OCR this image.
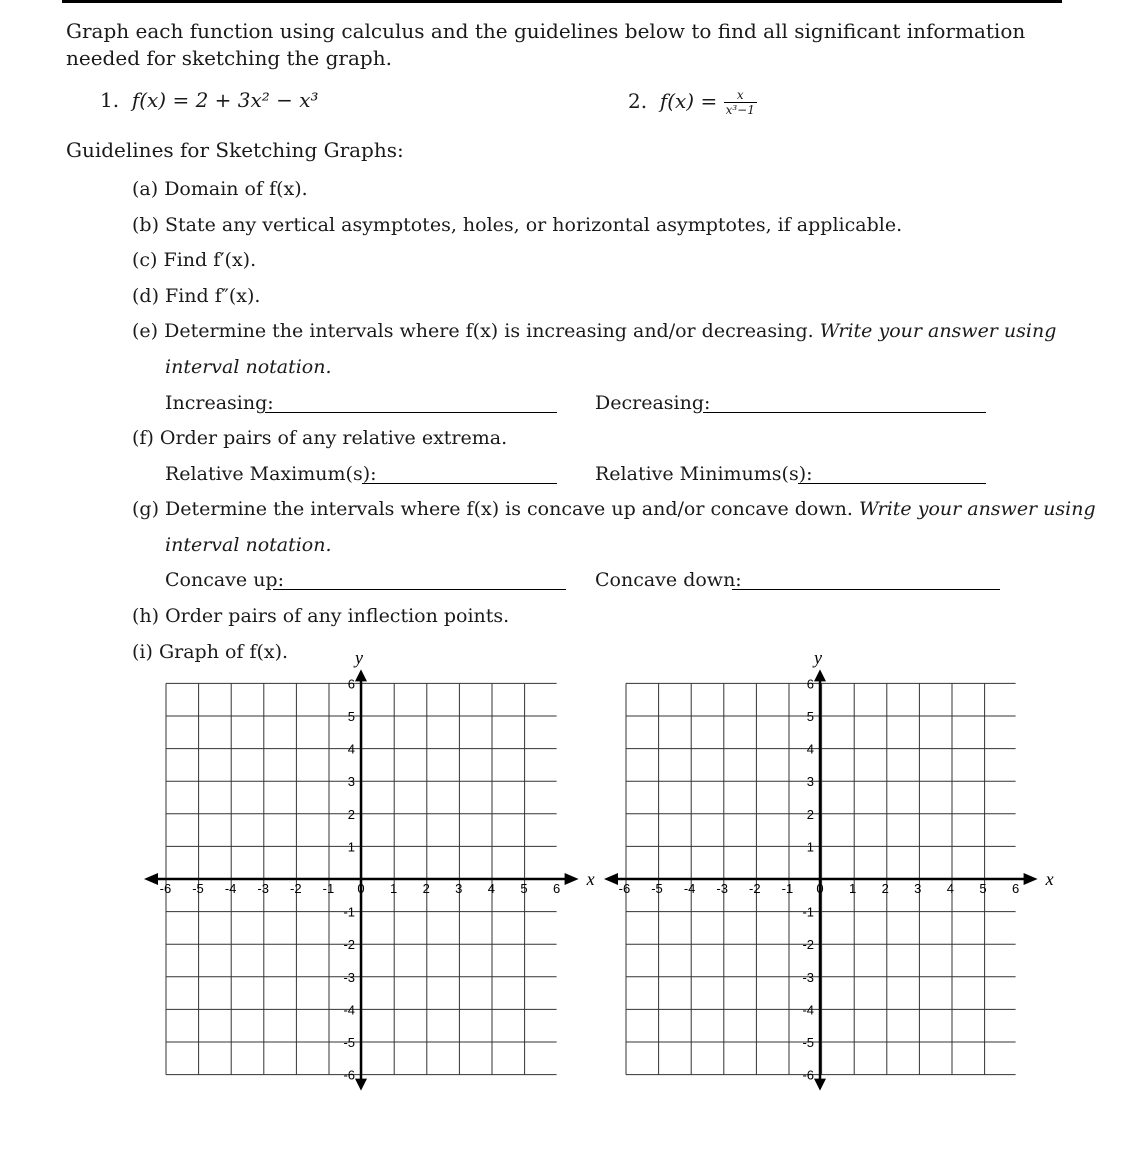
Graph each function using calculus and the guidelines below to find all significant information needed for sketching the graph.
1. f(x) = 2 + 3x² − x³	2. $f(x) = \frac{x}{\text{x³−1}}$
Guidelines for Sketching Graphs:
(a) Domain of f(x).
(b) State any vertical asymptotes, holes, or horizontal asymptotes, if applicable.
(c) Find f′(x).
(d) Find f″(x).
(e) Determine the intervals where f(x) is increasing and/or decreasing. Write your answer using
interval notation.
Increasing:	Decreasing:
(f) Order pairs of any relative extrema.
Relative Maximum(s):	Relative Minimums(s):
(g) Determine the intervals where f(x) is concave up and/or concave down. Write your answer using
interval notation.
Concave up:	Concave down:
(h) Order pairs of any inflection points.
(i) Graph of f(x).
x
y
-6 -5 -4 -3 -2 -1 0 1 2 3 4 5 6
6
5
4
3
2
1
-1
-2
-3
-4
-5
-6
x
y
-6 -5 -4 -3 -2 -1 0 1 2 3 4 5 6
6
5
4
3
2
1
-1
-2
-3
-4
-5
-6
